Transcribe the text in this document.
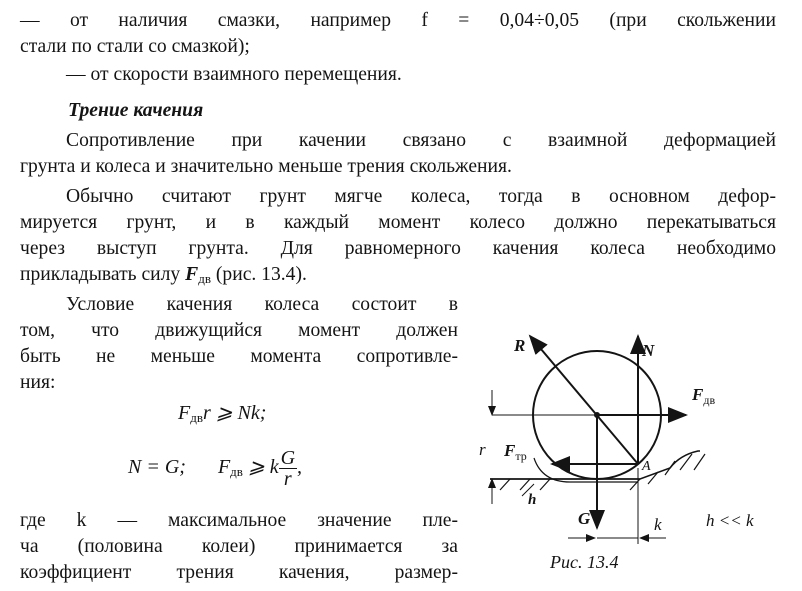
— от наличия смазки, например f = 0,04÷0,05 (при скольжении
стали по стали со смазкой);
— от скорости взаимного перемещения.
Трение качения
Сопротивление при качении связано с взаимной деформацией
грунта и колеса и значительно меньше трения скольжения.
Обычно считают грунт мягче колеса, тогда в основном дефор-
мируется грунт, и в каждый момент колесо должно перекатываться
через выступ грунта. Для равномерного качения колеса необходимо
прикладывать силу $F_{дв}$ (рис. 13.4).
Условие качения колеса состоит в
том, что движущийся момент должен
быть не меньше момента сопротивле-
ния:
$F_{дв}r$ ⩾ Nk;
N = G; $F_{дв}$ ⩾ k $\frac{G}{r}$ ,
где k — максимальное значение пле-
ча (половина колеи) принимается за
коэффициент трения качения, размер-
R	N
$F_{дв}$
r $F_{тр}$
A
h
G	k	h << k
Рис. 13.4
